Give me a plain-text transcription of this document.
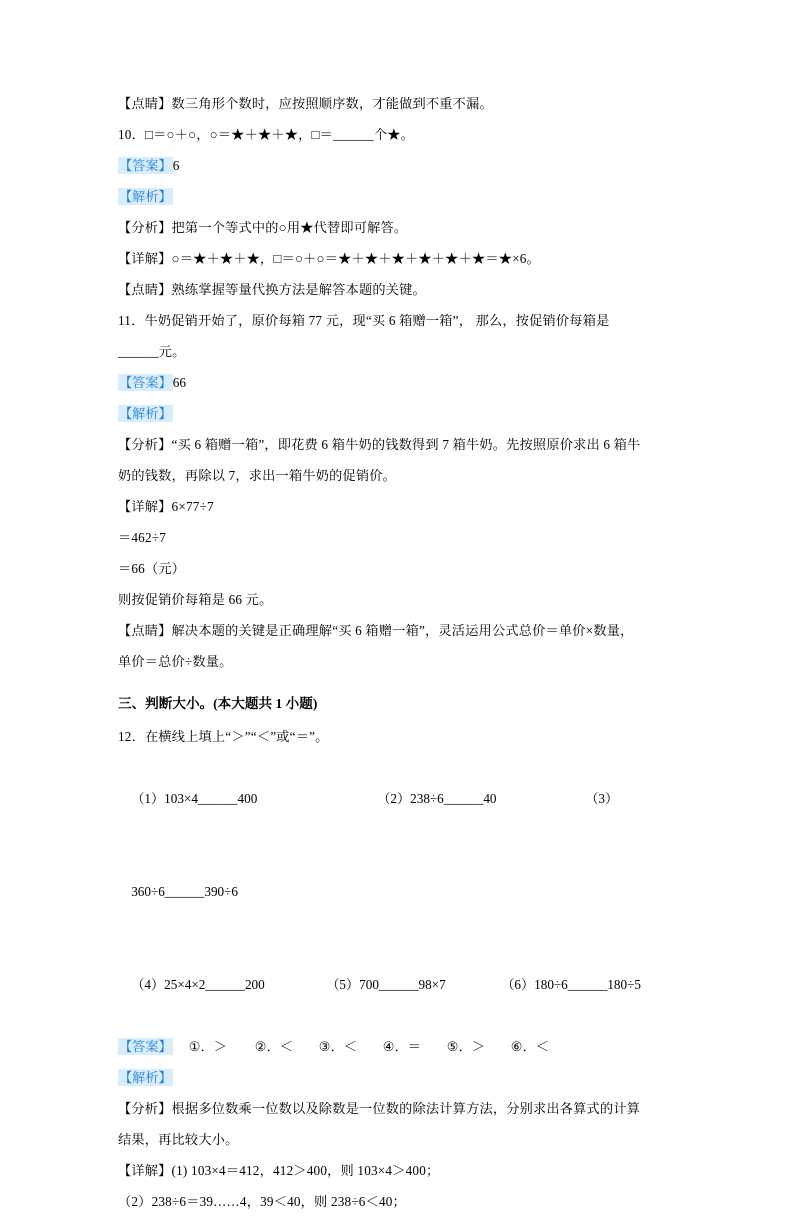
【点睛】数三角形个数时，应按照顺序数，才能做到不重不漏。
10．□＝○＋○，○＝★＋★＋★，□＝______个★。
【答案】6
【解析】
【分析】把第一个等式中的○用★代替即可解答。
【详解】○＝★＋★＋★，□＝○＋○＝★＋★＋★＋★＋★＋★＝★×6。
【点睛】熟练掌握等量代换方法是解答本题的关键。
11．牛奶促销开始了，原价每箱 77 元，现“买 6 箱赠一箱”， 那么，按促销价每箱是
______元。
【答案】66
【解析】
【分析】“买 6 箱赠一箱”，即花费 6 箱牛奶的钱数得到 7 箱牛奶。先按照原价求出 6 箱牛
奶的钱数，再除以 7，求出一箱牛奶的促销价。
【详解】6×77÷7
＝462÷7
＝66（元）
则按促销价每箱是 66 元。
【点睛】解决本题的关键是正确理解“买 6 箱赠一箱”，灵活运用公式总价＝单价×数量，
单价＝总价÷数量。
三、判断大小。(本大题共 1 小题)
12．在横线上填上“＞”“＜”或“＝”。

（1）103×4______400	（2）238÷6______40	（3）

360÷6______390÷6

（4）25×4×2______200	（5）700______98×7	（6）180÷6______180÷5

【答案】 ①．＞ ②．＜ ③．＜ ④．＝ ⑤．＞ ⑥．＜
【解析】
【分析】根据多位数乘一位数以及除数是一位数的除法计算方法，分别求出各算式的计算
结果，再比较大小。
【详解】(1) 103×4＝412，412＞400，则 103×4＞400；
（2）238÷6＝39……4，39＜40，则 238÷6＜40；
